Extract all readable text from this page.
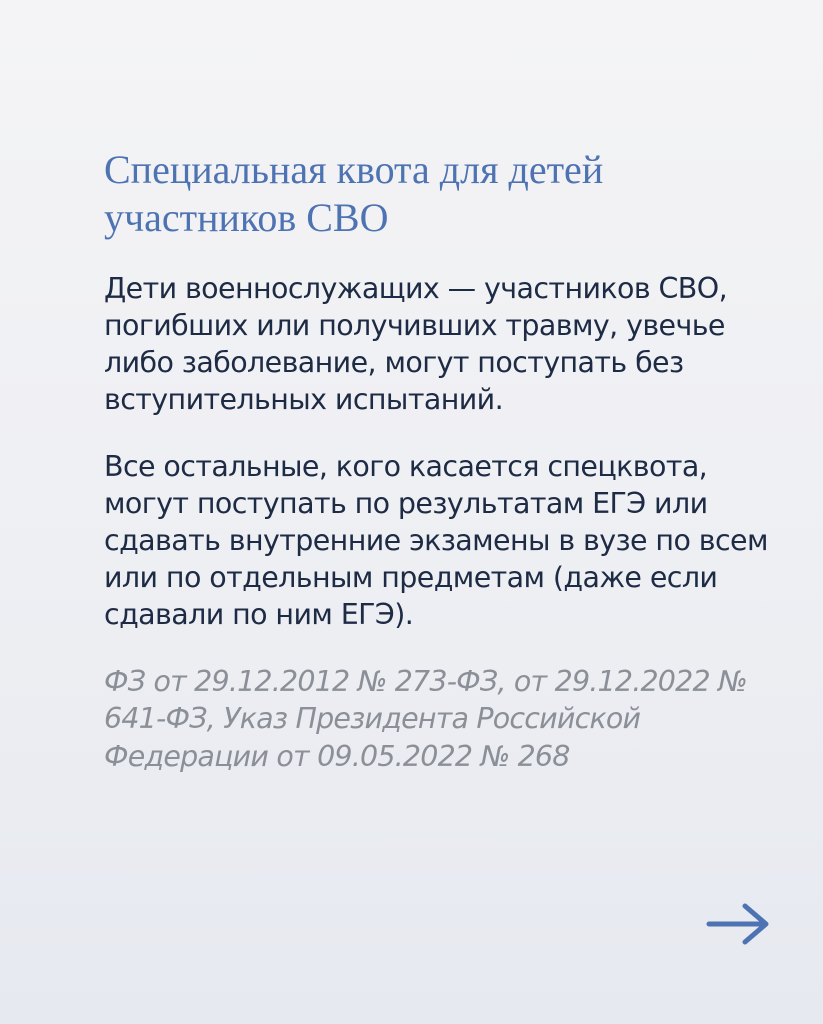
Специальная квота для детей участников СВО

Дети военнослужащих — участников СВО, погибших или получивших травму, увечье либо заболевание, могут поступать без вступительных испытаний.

Все остальные, кого касается спецквота, могут поступать по результатам ЕГЭ или сдавать внутренние экзамены в вузе по всем или по отдельным предметам (даже если сдавали по ним ЕГЭ).

ФЗ от 29.12.2012 № 273-ФЗ, от 29.12.2022 № 641-ФЗ, Указ Президента Российской Федерации от 09.05.2022 № 268
